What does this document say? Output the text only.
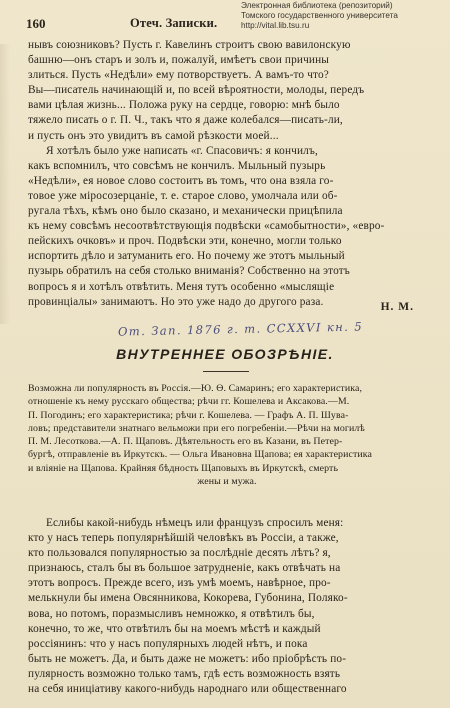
Электронная библиотека (репозиторий)
Томского государственного университета
http://vital.lib.tsu.ru
160	Отеч. Записки.
нывъ союзниковъ? Пусть г. Кавелинъ строитъ свою вавилонскую
башню—онъ старъ и золъ и, пожалуй, имѣетъ свои причины
злиться. Пусть «Недѣли» ему потворствуетъ. А вамъ-то что?
Вы—писатель начинающій и, по всей вѣроятности, молоды, передъ
вами цѣлая жизнь... Положа руку на сердце, говорю: мнѣ было
тяжело писать о г. П. Ч., такъ что я даже колебался—писать-ли,
и пусть онъ это увидитъ въ самой рѣзкости моей...
Я хотѣлъ было уже написать «г. Спасовичъ: я кончилъ,
какъ вспомнилъ, что совсѣмъ не кончилъ. Мыльный пузырь
«Недѣли», ея новое слово состоитъ въ томъ, что она взяла го-
товое уже міросозерцаніе, т. е. старое слово, умолчала или об-
ругала тѣхъ, кѣмъ оно было сказано, и механически прицѣпила
къ нему совсѣмъ несоотвѣтствующія подвѣски «самобытности», «евро-
пейскихъ очковъ» и проч. Подвѣски эти, конечно, могли только
испортить дѣло и затуманить его. Но почему же этотъ мыльный
пузырь обратилъ на себя столько вниманія? Собственно на этотъ
вопросъ я и хотѣлъ отвѣтить. Меня тутъ особенно «мыслящіе
провинціалы» занимаютъ. Но это уже надо до другого раза.	Н. М.
От. Зап. 1876 г. т. CCXXVI кн. 5
ВНУТРЕННЕЕ ОБОЗРѢНІЕ.
Возможна ли популярность въ Россія.—Ю. Ѳ. Самаринъ; его характеристика,
отношеніе къ нему русскаго общества; рѣчи гг. Кошелева и Аксакова.—М.
П. Погодинъ; его характеристика; рѣчи г. Кошелева. — Графъ А. П. Шува-
ловъ; представители знатнаго вельможи при его погребеніи.—Рѣчи на могилѣ
П. М. Лесоткова.—А. П. Щаповъ. Дѣятельность его въ Казани, въ Петер-
бургѣ, отправленіе въ Иркутскъ. — Ольга Ивановна Щапова; ея характеристика
и вліяніе на Щапова. Крайняя бѣдность Щаповыхъ въ Иркутскѣ, смерть
жены и мужа.
Еслибы какой-нибудь нѣмецъ или французъ спросилъ меня:
кто у насъ теперь популярнѣйшій человѣкъ въ Россіи, а также,
кто пользовался популярностью за послѣдніе десять лѣтъ? я,
признаюсь, сталъ бы въ большое затрудненіе, какъ отвѣчать на
этотъ вопросъ. Прежде всего, изъ умѣ моемъ, навѣрное, про-
мелькнули бы имена Овсянникова, Кокорева, Губонина, Поляко-
вова, но потомъ, поразмысливъ немножко, я отвѣтилъ бы,
конечно, то же, что отвѣтилъ бы на моемъ мѣстѣ и каждый
россіянинъ: что у насъ популярныхъ людей нѣтъ, и пока
быть не можетъ. Да, и быть даже не можетъ: ибо пріобрѣсть по-
пулярность возможно только тамъ, гдѣ есть возможность взять
на себя иниціативу какого-нибудь народнаго или общественнаго
